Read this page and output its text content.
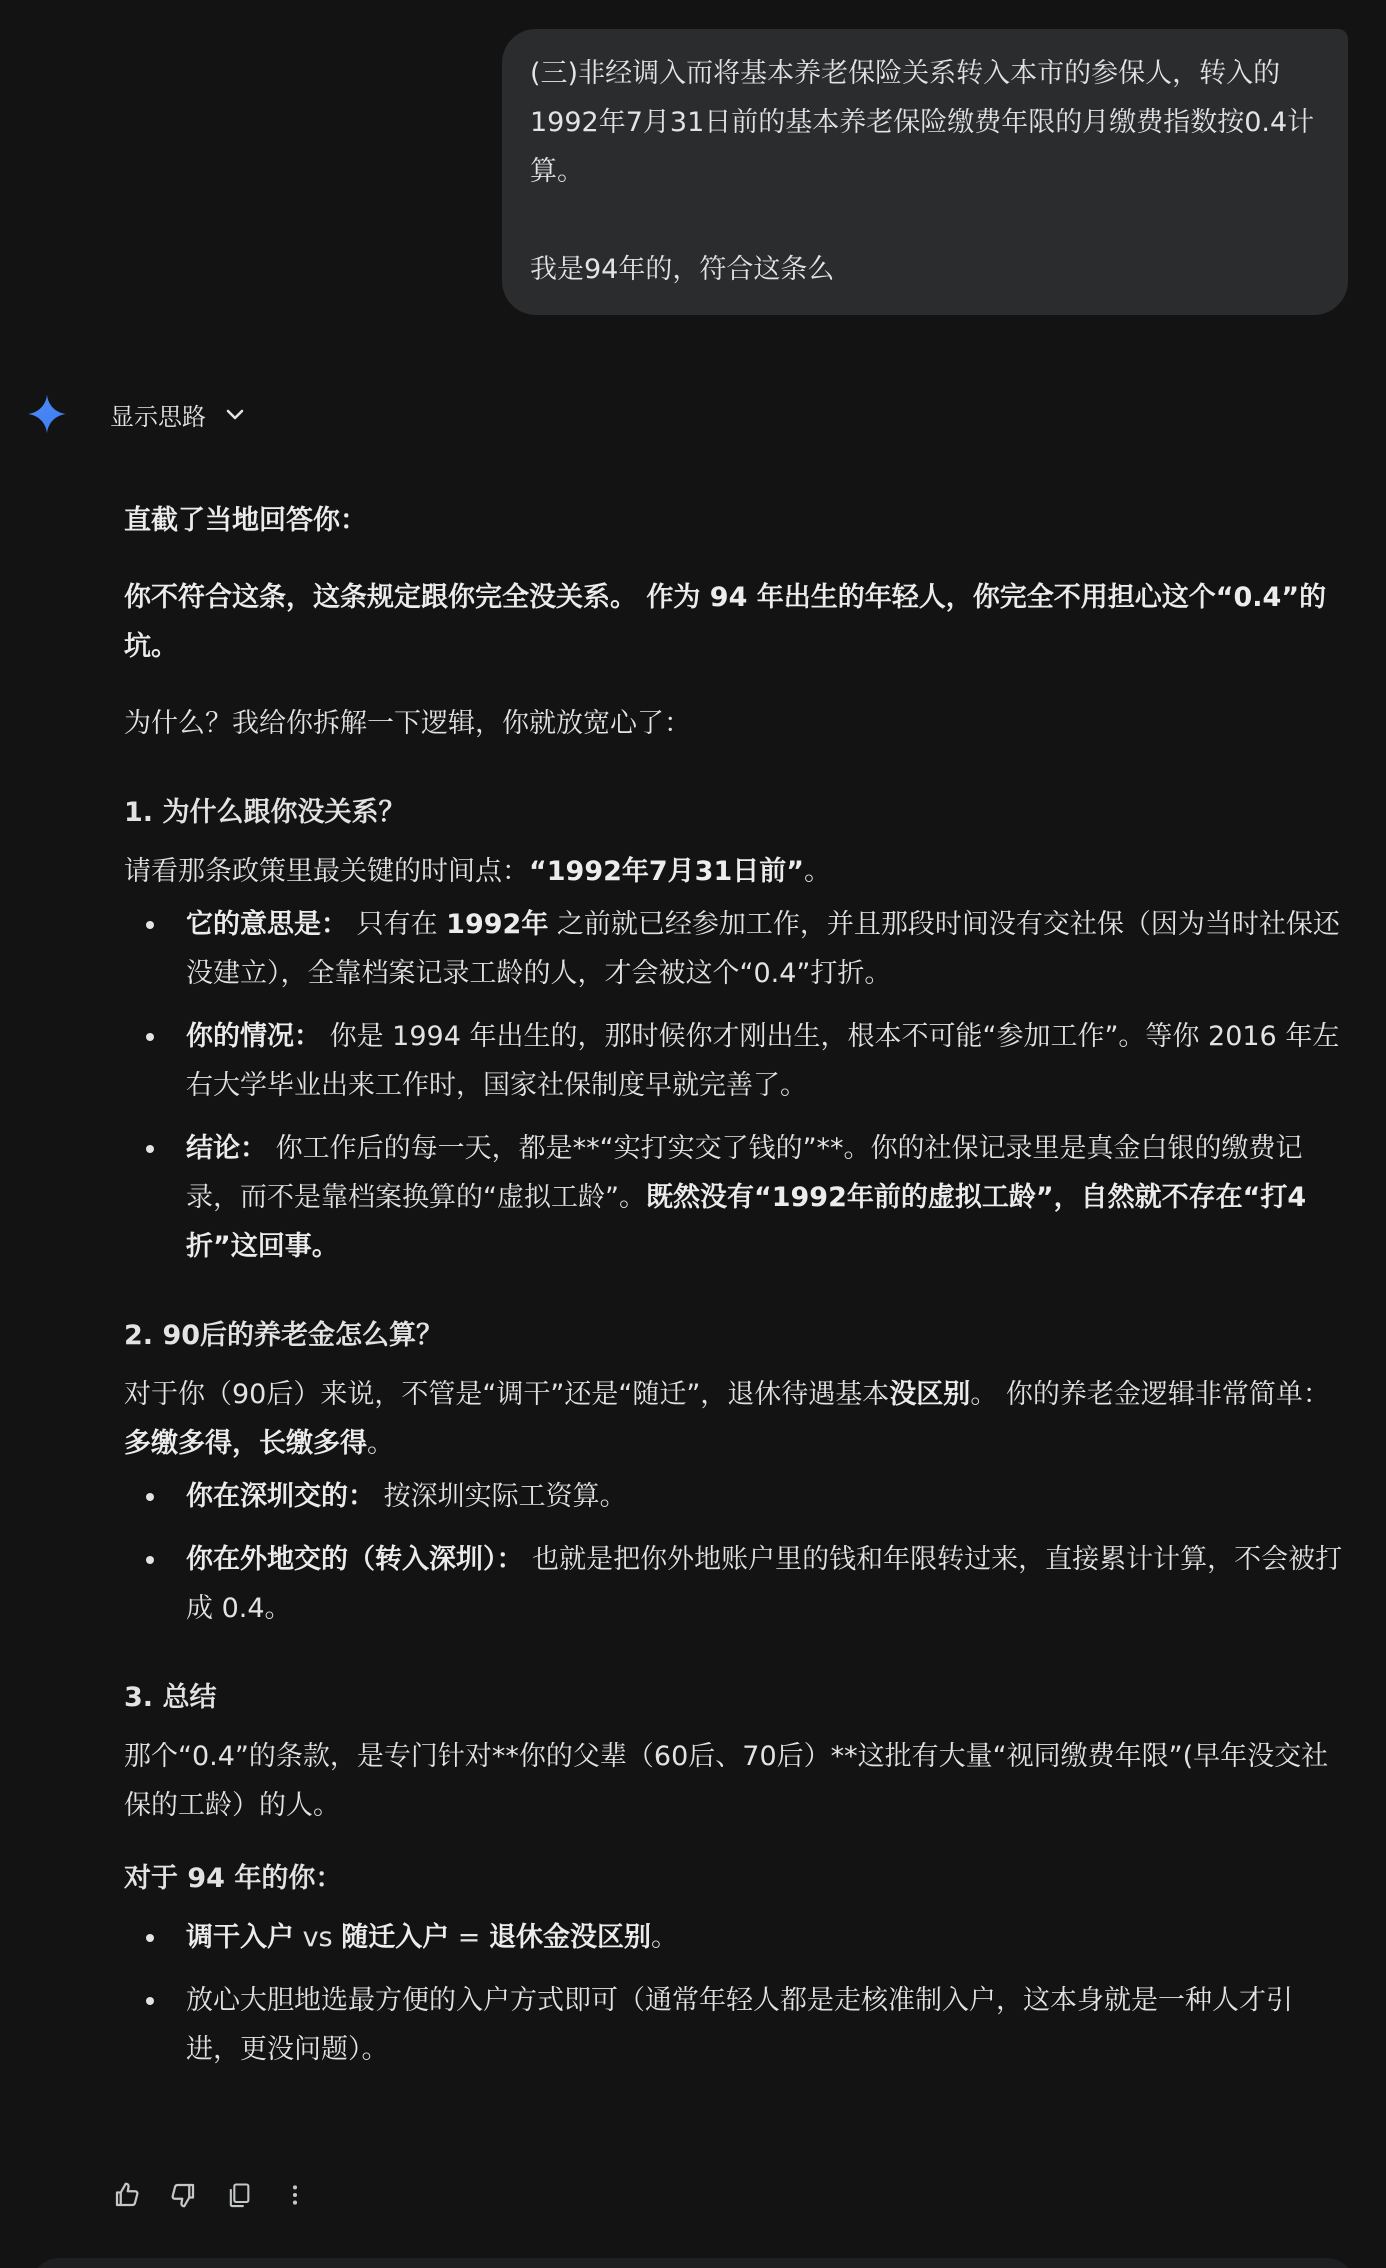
(三)非经调入而将基本养老保险关系转入本市的参保人，转入的1992年7月31日前的基本养老保险缴费年限的月缴费指数按0.4计算。

我是94年的，符合这条么

显示思路

直截了当地回答你：

你不符合这条，这条规定跟你完全没关系。 作为 94 年出生的年轻人，你完全不用担心这个“0.4”的坑。

为什么？我给你拆解一下逻辑，你就放宽心了：

1. 为什么跟你没关系？

请看那条政策里最关键的时间点：“1992年7月31日前”。

它的意思是： 只有在 1992年 之前就已经参加工作，并且那段时间没有交社保（因为当时社保还没建立），全靠档案记录工龄的人，才会被这个“0.4”打折。
你的情况： 你是 1994 年出生的，那时候你才刚出生，根本不可能“参加工作”。等你 2016 年左右大学毕业出来工作时，国家社保制度早就完善了。
结论： 你工作后的每一天，都是**“实打实交了钱的”**。你的社保记录里是真金白银的缴费记录，而不是靠档案换算的“虚拟工龄”。既然没有“1992年前的虚拟工龄”，自然就不存在“打4折”这回事。

2. 90后的养老金怎么算？

对于你（90后）来说，不管是“调干”还是“随迁”，退休待遇基本没区别。 你的养老金逻辑非常简单：多缴多得，长缴多得。

你在深圳交的： 按深圳实际工资算。
你在外地交的（转入深圳）： 也就是把你外地账户里的钱和年限转过来，直接累计计算，不会被打成 0.4。

3. 总结

那个“0.4”的条款，是专门针对**你的父辈（60后、70后）**这批有大量“视同缴费年限”(早年没交社保的工龄）的人。

对于 94 年的你：

调干入户 vs 随迁入户 = 退休金没区别。
放心大胆地选最方便的入户方式即可（通常年轻人都是走核准制入户，这本身就是一种人才引进，更没问题）。
